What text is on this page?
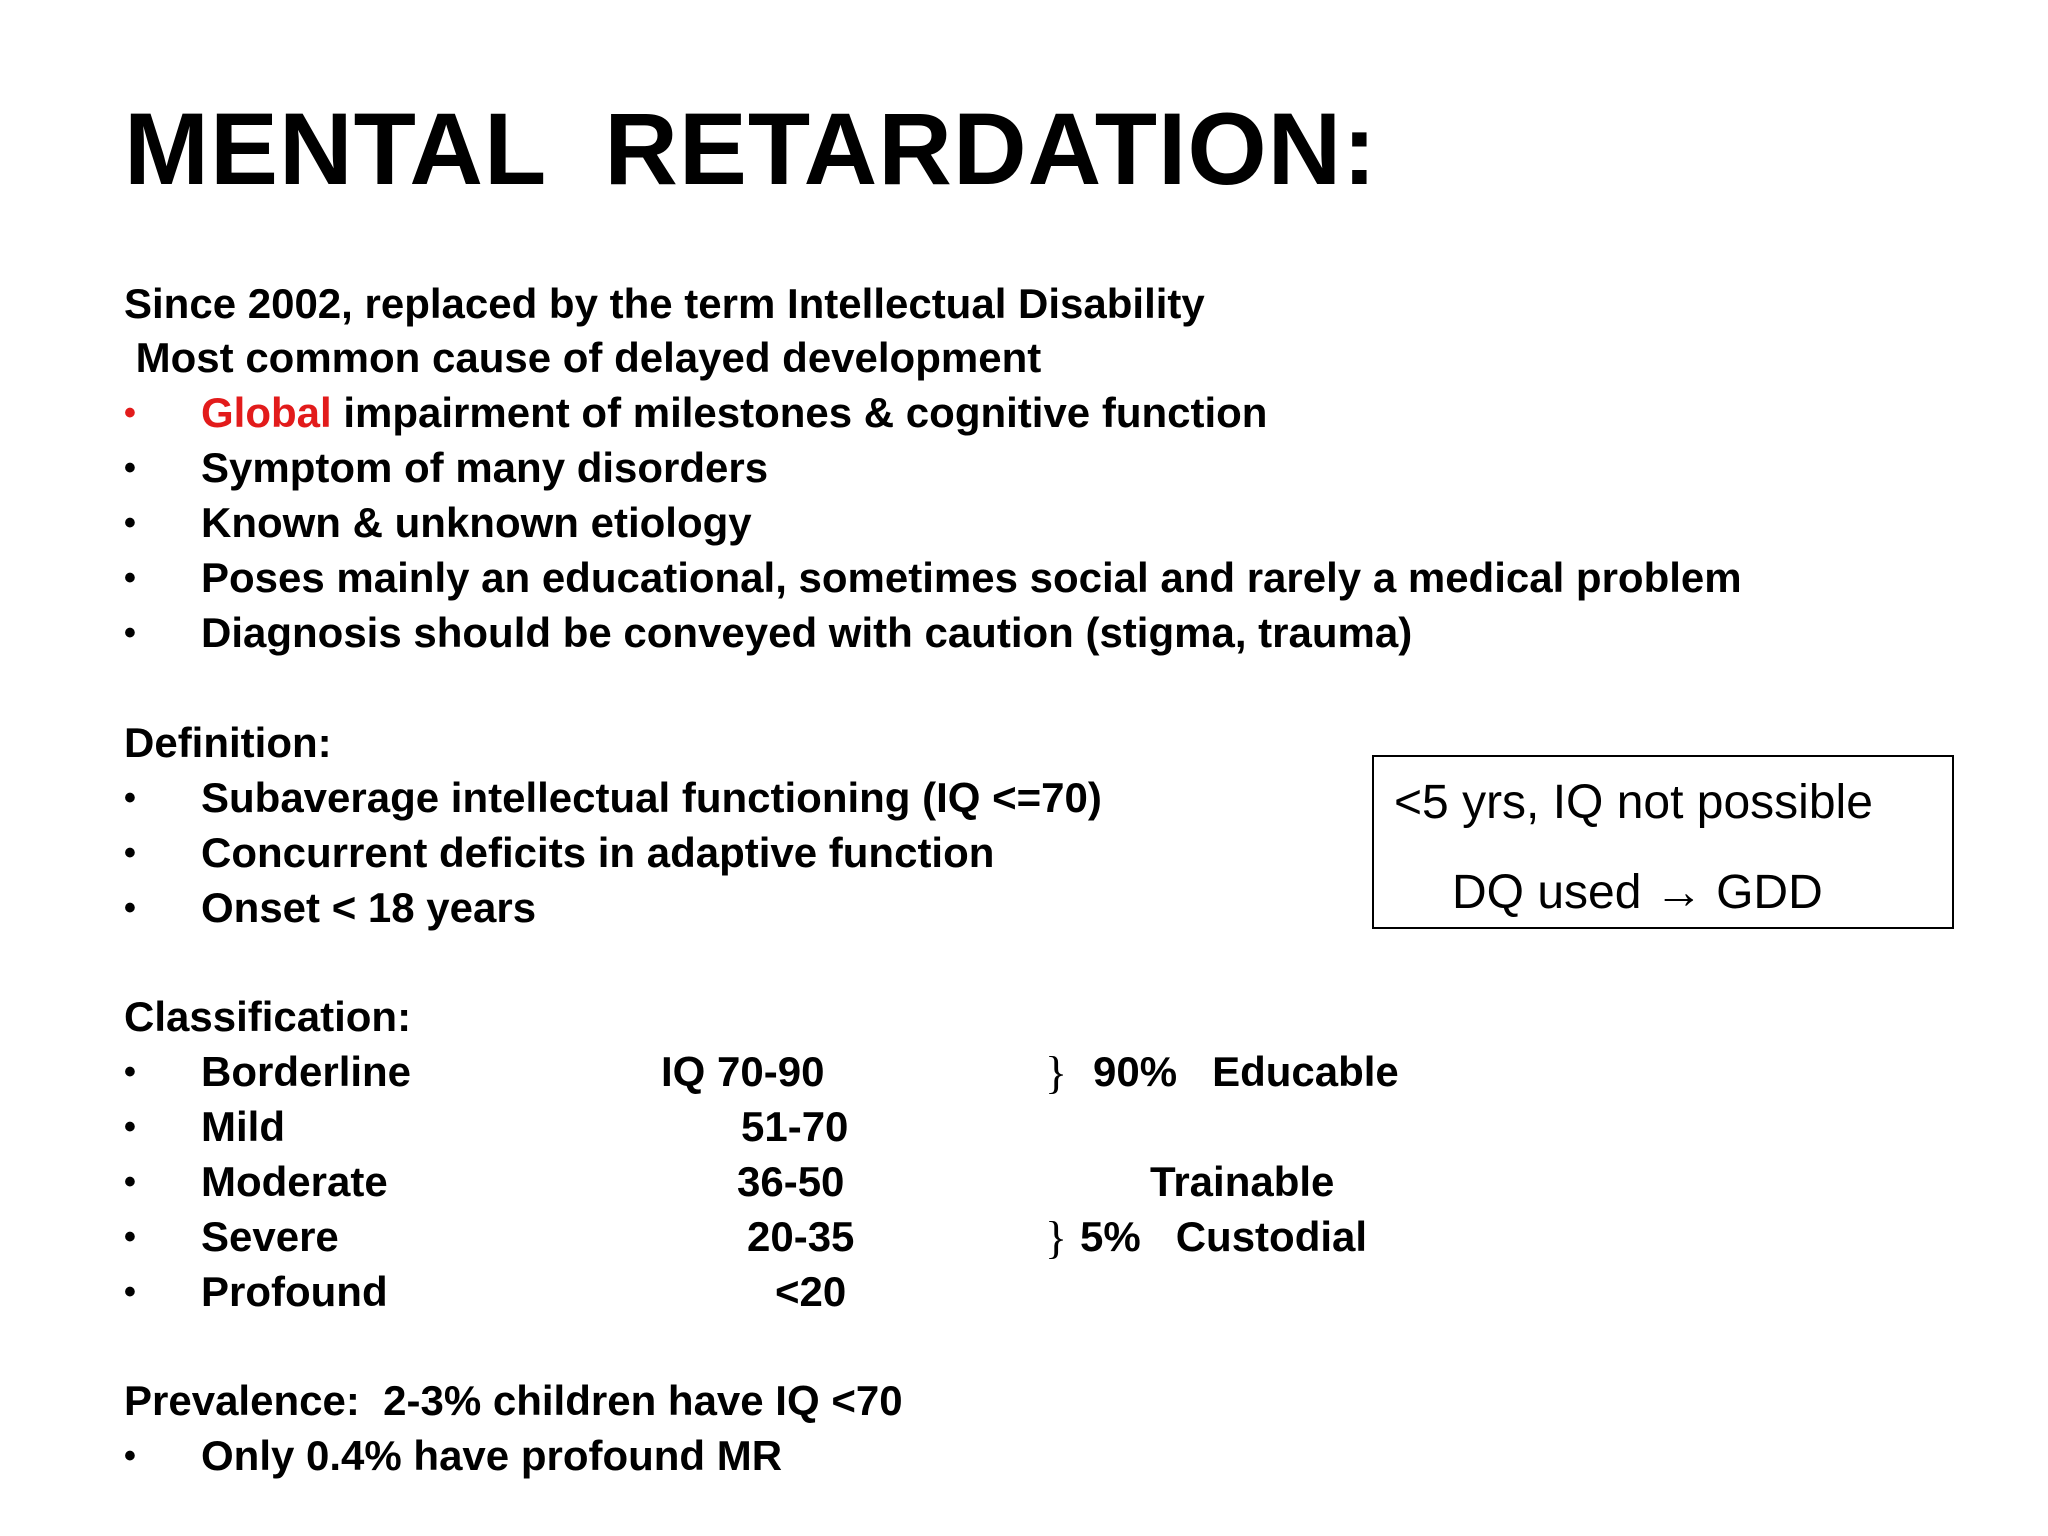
MENTAL  RETARDATION:
Since 2002, replaced by the term Intellectual Disability
Most common cause of delayed development
• Global impairment of milestones & cognitive function
• Symptom of many disorders
• Known & unknown etiology
• Poses mainly an educational, sometimes social and rarely a medical problem
• Diagnosis should be conveyed with caution (stigma, trauma)
Definition:
• Subaverage intellectual functioning (IQ <=70)
• Concurrent deficits in adaptive function
• Onset < 18 years
<5 yrs, IQ not possible
DQ used → GDD
Classification:
• Borderline	IQ 70-90	} 90%   Educable
• Mild	51-70
• Moderate	36-50	Trainable
• Severe	20-35	} 5%   Custodial
• Profound	<20
Prevalence:  2-3% children have IQ <70
• Only 0.4% have profound MR
